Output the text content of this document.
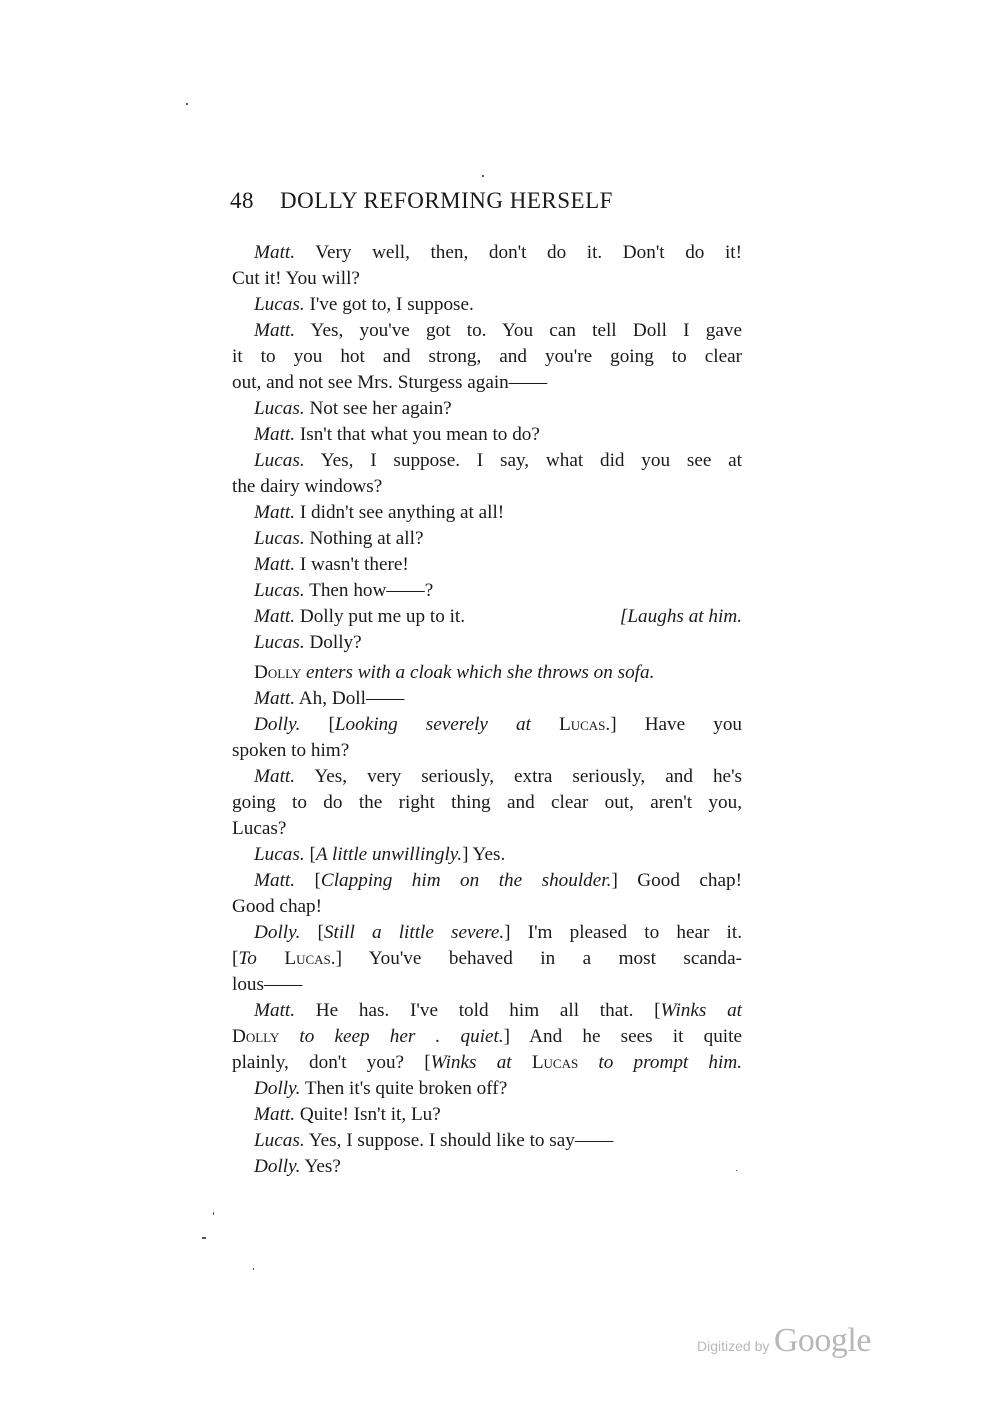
48 DOLLY REFORMING HERSELF
Matt. Very well, then, don't do it. Don't do it!
Cut it! You will?
Lucas. I've got to, I suppose.
Matt. Yes, you've got to. You can tell Doll I gave
it to you hot and strong, and you're going to clear
out, and not see Mrs. Sturgess again——
Lucas. Not see her again?
Matt. Isn't that what you mean to do?
Lucas. Yes, I suppose. I say, what did you see at
the dairy windows?
Matt. I didn't see anything at all!
Lucas. Nothing at all?
Matt. I wasn't there!
Lucas. Then how——?
[Laughs at him.
Matt. Dolly put me up to it.
Lucas. Dolly?
Dolly enters with a cloak which she throws on sofa.
Matt. Ah, Doll——
Dolly. [Looking severely at Lucas.] Have you
spoken to him?
Matt. Yes, very seriously, extra seriously, and he's
going to do the right thing and clear out, aren't you,
Lucas?
Lucas. [A little unwillingly.] Yes.
Matt. [Clapping him on the shoulder.] Good chap!
Good chap!
Dolly. [Still a little severe.] I'm pleased to hear it.
[To Lucas.] You've behaved in a most scanda-
lous——
Matt. He has. I've told him all that. [Winks at
Dolly to keep her . quiet.] And he sees it quite
plainly, don't you? [Winks at Lucas to prompt him.
Dolly. Then it's quite broken off?
Matt. Quite! Isn't it, Lu?
Lucas. Yes, I suppose. I should like to say——
Dolly. Yes?
Digitized by Google
